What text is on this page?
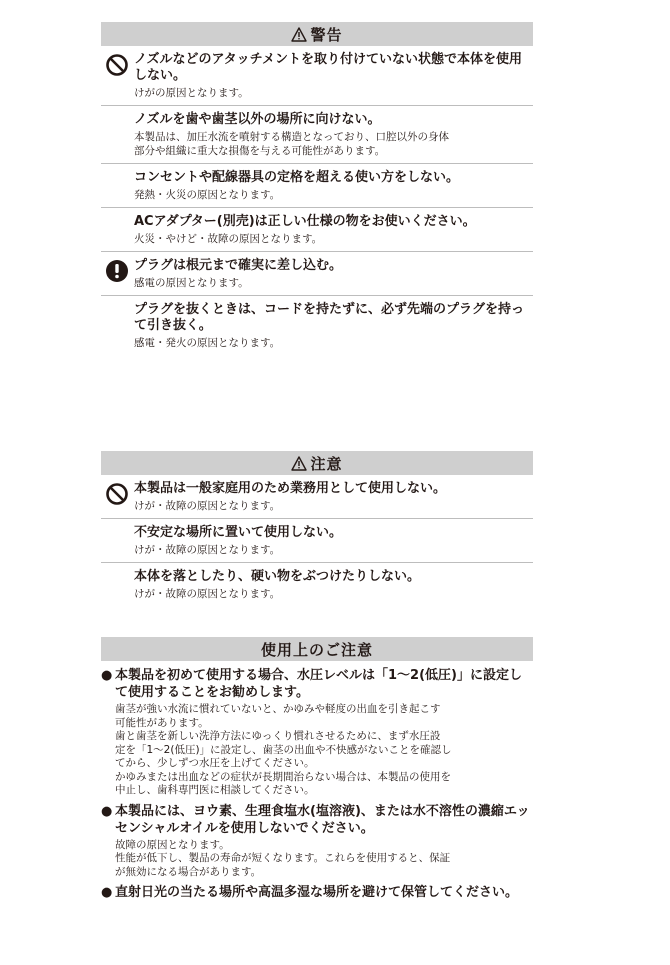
警告
ノズルなどのアタッチメントを取り付けていない状態で本体を使用しない。
けがの原因となります。
ノズルを歯や歯茎以外の場所に向けない。
本製品は、加圧水流を噴射する構造となっており、口腔以外の身体
部分や組織に重大な損傷を与える可能性があります。
コンセントや配線器具の定格を超える使い方をしない。
発熱・火災の原因となります。
ACアダプター(別売)は正しい仕様の物をお使いください。
火災・やけど・故障の原因となります。
プラグは根元まで確実に差し込む。
感電の原因となります。
プラグを抜くときは、コードを持たずに、必ず先端のプラグを持って引き抜く。
感電・発火の原因となります。
注意
本製品は一般家庭用のため業務用として使用しない。
けが・故障の原因となります。
不安定な場所に置いて使用しない。
けが・故障の原因となります。
本体を落としたり、硬い物をぶつけたりしない。
けが・故障の原因となります。
使用上のご注意
● 本製品を初めて使用する場合、水圧レベルは「1〜2(低圧)」に設定して使用することをお勧めします。
歯茎が強い水流に慣れていないと、かゆみや軽度の出血を引き起こす
可能性があります。
歯と歯茎を新しい洗浄方法にゆっくり慣れさせるために、まず水圧設
定を「1〜2(低圧)」に設定し、歯茎の出血や不快感がないことを確認し
てから、少しずつ水圧を上げてください。
かゆみまたは出血などの症状が長期間治らない場合は、本製品の使用を
中止し、歯科専門医に相談してください。
● 本製品には、ヨウ素、生理食塩水(塩溶液)、または水不溶性の濃縮エッセンシャルオイルを使用しないでください。
故障の原因となります。
性能が低下し、製品の寿命が短くなります。これらを使用すると、保証
が無効になる場合があります。
● 直射日光の当たる場所や高温多湿な場所を避けて保管してください。
